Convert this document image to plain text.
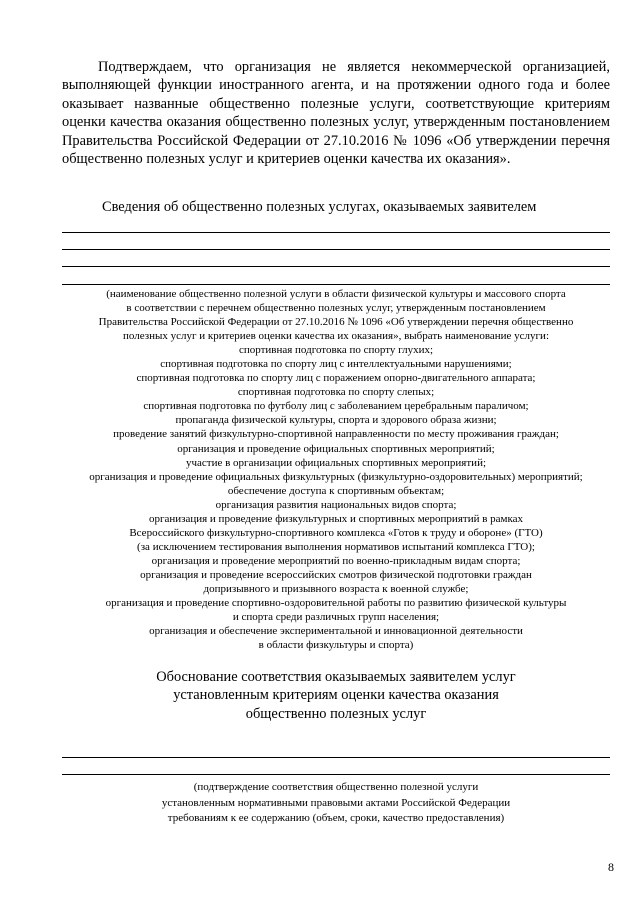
Подтверждаем, что организация не является некоммерческой организацией, выполняющей функции иностранного агента, и на протяжении одного года и более оказывает названные общественно полезные услуги, соответствующие критериям оценки качества оказания общественно полезных услуг, утвержденным постановлением Правительства Российской Федерации от 27.10.2016 № 1096 «Об утверждении перечня общественно полезных услуг и критериев оценки качества их оказания».

Сведения об общественно полезных услугах, оказываемых заявителем

(наименование общественно полезной услуги в области физической культуры и массового спорта
в соответствии с перечнем общественно полезных услуг, утвержденным постановлением
Правительства Российской Федерации от 27.10.2016 № 1096 «Об утверждении перечня общественно
полезных услуг и критериев оценки качества их оказания», выбрать наименование услуги:
спортивная подготовка по спорту глухих;
спортивная подготовка по спорту лиц с интеллектуальными нарушениями;
спортивная подготовка по спорту лиц с поражением опорно-двигательного аппарата;
спортивная подготовка по спорту слепых;
спортивная подготовка по футболу лиц с заболеванием церебральным параличом;
пропаганда физической культуры, спорта и здорового образа жизни;
проведение занятий физкультурно-спортивной направленности по месту проживания граждан;
организация и проведение официальных спортивных мероприятий;
участие в организации официальных спортивных мероприятий;
организация и проведение официальных физкультурных (физкультурно-оздоровительных) мероприятий;
обеспечение доступа к спортивным объектам;
организация развития национальных видов спорта;
организация и проведение физкультурных и спортивных мероприятий в рамках
Всероссийского физкультурно-спортивного комплекса «Готов к труду и обороне» (ГТО)
(за исключением тестирования выполнения нормативов испытаний комплекса ГТО);
организация и проведение мероприятий по военно-прикладным видам спорта;
организация и проведение всероссийских смотров физической подготовки граждан
допризывного и призывного возраста к военной службе;
организация и проведение спортивно-оздоровительной работы по развитию физической культуры
и спорта среди различных групп населения;
организация и обеспечение экспериментальной и инновационной деятельности
в области физкультуры и спорта)
Обоснование соответствия оказываемых заявителем услуг
установленным критериям оценки качества оказания
общественно полезных услуг
(подтверждение соответствия общественно полезной услуги
установленным нормативными правовыми актами Российской Федерации
требованиям к ее содержанию (объем, сроки, качество предоставления)

8
